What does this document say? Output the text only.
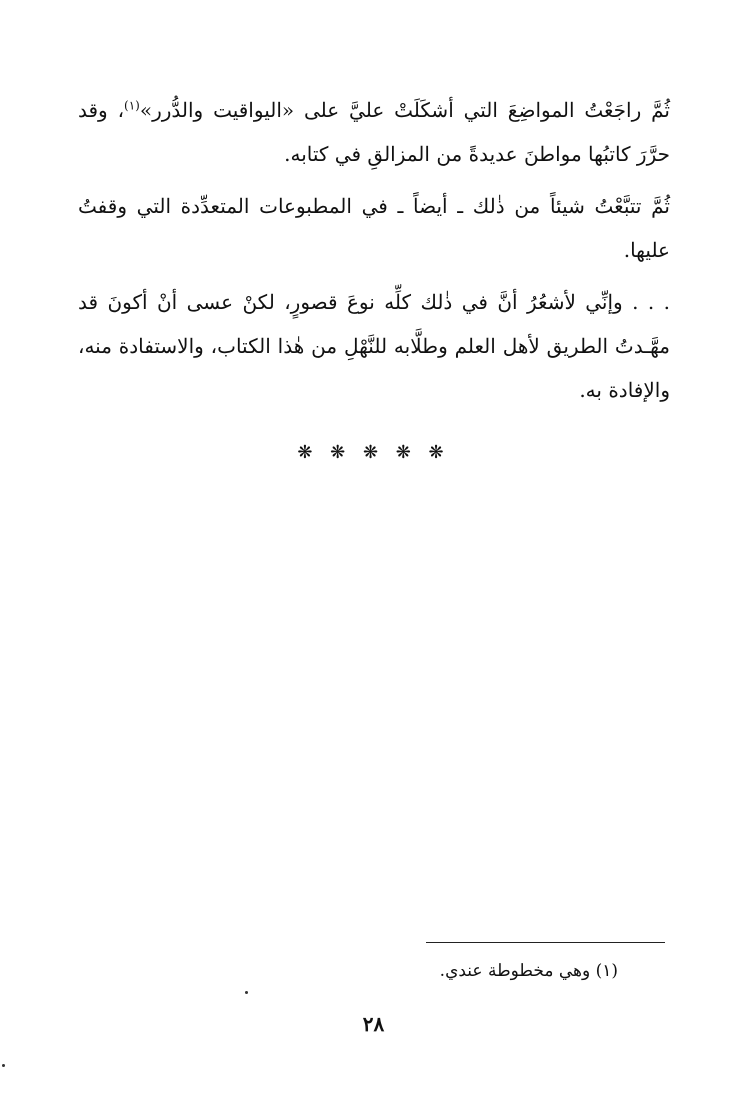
ثُمَّ راجَعْتُ المواضِعَ التي أشكَلَتْ عليَّ على «اليواقيت والدُّرر»$^{(١)}$، وقد حرَّرَ كاتبُها مواطنَ عديدةً من المزالقِ في كتابه.

ثُمَّ تتبَّعْتُ شيئاً من ذٰلك ـ أيضاً ـ في المطبوعات المتعدِّدة التي وقفتُ عليها.

. . . وإنِّي لأشعُرُ أنَّ في ذٰلك كلِّه نوعَ قصورٍ، لكنْ عسى أنْ أكونَ قد مهَّـدتُ الطريق لأهل العلم وطلَّابه للنَّهْلِ من هٰذا الكتاب، والاستفادة منه، والإفادة به.

❋ ❋ ❋ ❋ ❋
(١) وهي مخطوطة عندي.
٢٨
